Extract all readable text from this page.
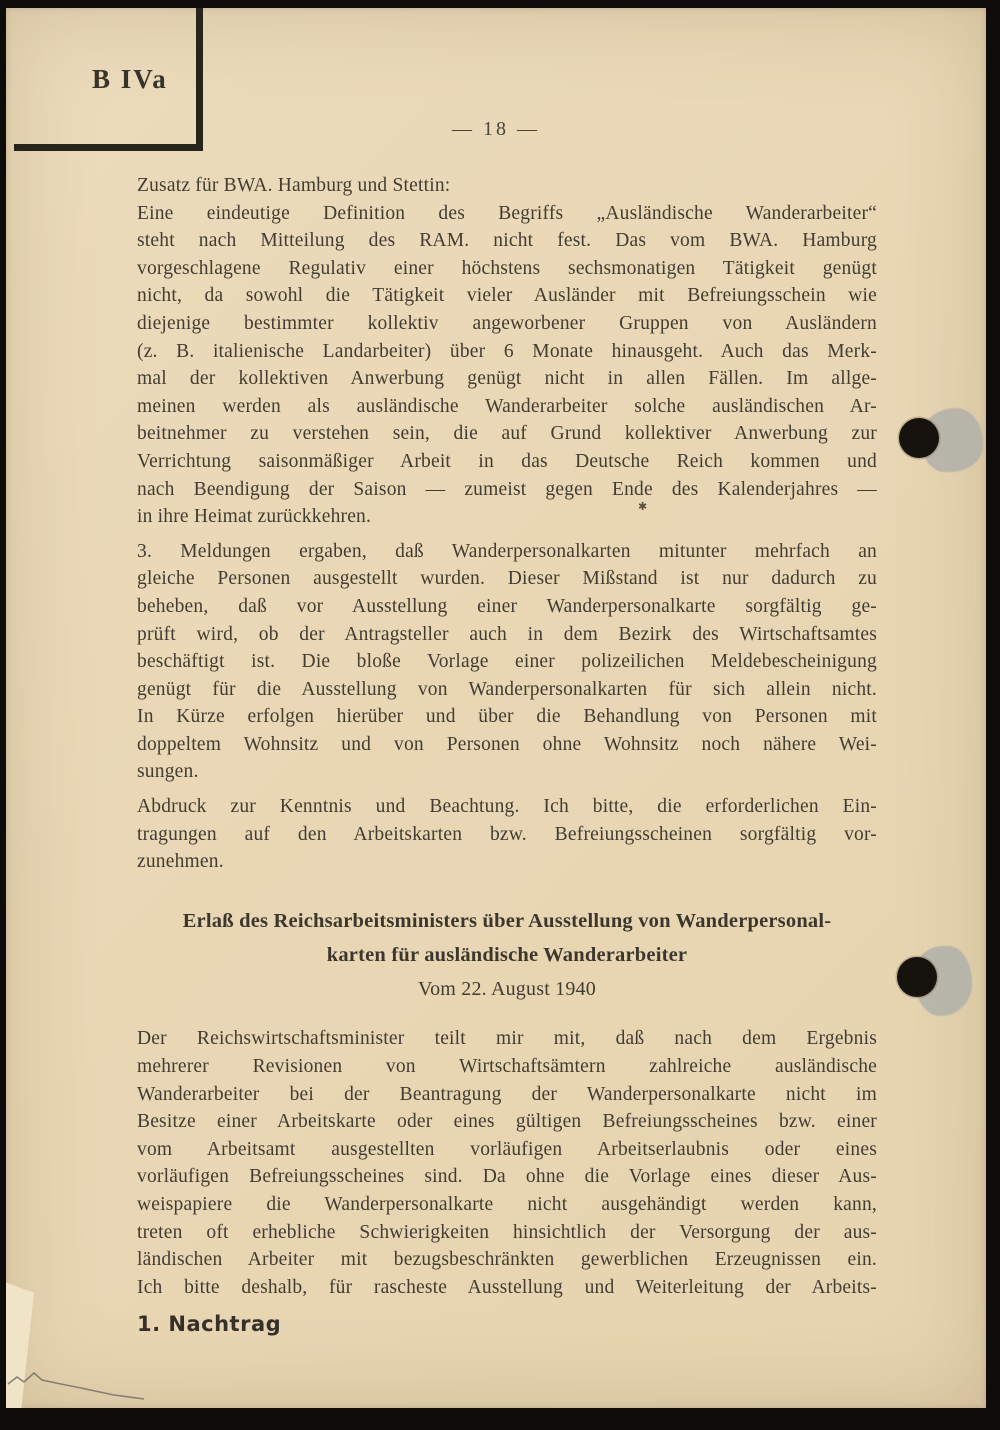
B IVa
— 18 —
Zusatz für BWA. Hamburg und Stettin:
Eine eindeutige Definition des Begriffs „Ausländische Wanderarbeiter“
steht nach Mitteilung des RAM. nicht fest. Das vom BWA. Hamburg
vorgeschlagene Regulativ einer höchstens sechsmonatigen Tätigkeit genügt
nicht, da sowohl die Tätigkeit vieler Ausländer mit Befreiungsschein wie
diejenige bestimmter kollektiv angeworbener Gruppen von Ausländern
(z. B. italienische Landarbeiter) über 6 Monate hinausgeht. Auch das Merk-
mal der kollektiven Anwerbung genügt nicht in allen Fällen. Im allge-
meinen werden als ausländische Wanderarbeiter solche ausländischen Ar-
beitnehmer zu verstehen sein, die auf Grund kollektiver Anwerbung zur
Verrichtung saisonmäßiger Arbeit in das Deutsche Reich kommen und
nach Beendigung der Saison — zumeist gegen Ende des Kalenderjahres —
in ihre Heimat zurückkehren.
3. Meldungen ergaben, daß Wanderpersonalkarten mitunter mehrfach an
gleiche Personen ausgestellt wurden. Dieser Mißstand ist nur dadurch zu
beheben, daß vor Ausstellung einer Wanderpersonalkarte sorgfältig ge-
prüft wird, ob der Antragsteller auch in dem Bezirk des Wirtschaftsamtes
beschäftigt ist. Die bloße Vorlage einer polizeilichen Meldebescheinigung
genügt für die Ausstellung von Wanderpersonalkarten für sich allein nicht.
In Kürze erfolgen hierüber und über die Behandlung von Personen mit
doppeltem Wohnsitz und von Personen ohne Wohnsitz noch nähere Wei-
sungen.
Abdruck zur Kenntnis und Beachtung. Ich bitte, die erforderlichen Ein-
tragungen auf den Arbeitskarten bzw. Befreiungsscheinen sorgfältig vor-
zunehmen.
Erlaß des Reichsarbeitsministers über Ausstellung von Wanderpersonal-
karten für ausländische Wanderarbeiter
Vom 22. August 1940
Der Reichswirtschaftsminister teilt mir mit, daß nach dem Ergebnis
mehrerer Revisionen von Wirtschaftsämtern zahlreiche ausländische
Wanderarbeiter bei der Beantragung der Wanderpersonalkarte nicht im
Besitze einer Arbeitskarte oder eines gültigen Befreiungsscheines bzw. einer
vom Arbeitsamt ausgestellten vorläufigen Arbeitserlaubnis oder eines
vorläufigen Befreiungsscheines sind. Da ohne die Vorlage eines dieser Aus-
weispapiere die Wanderpersonalkarte nicht ausgehändigt werden kann,
treten oft erhebliche Schwierigkeiten hinsichtlich der Versorgung der aus-
ländischen Arbeiter mit bezugsbeschränkten gewerblichen Erzeugnissen ein.
Ich bitte deshalb, für rascheste Ausstellung und Weiterleitung der Arbeits-
1. Nachtrag
✱
